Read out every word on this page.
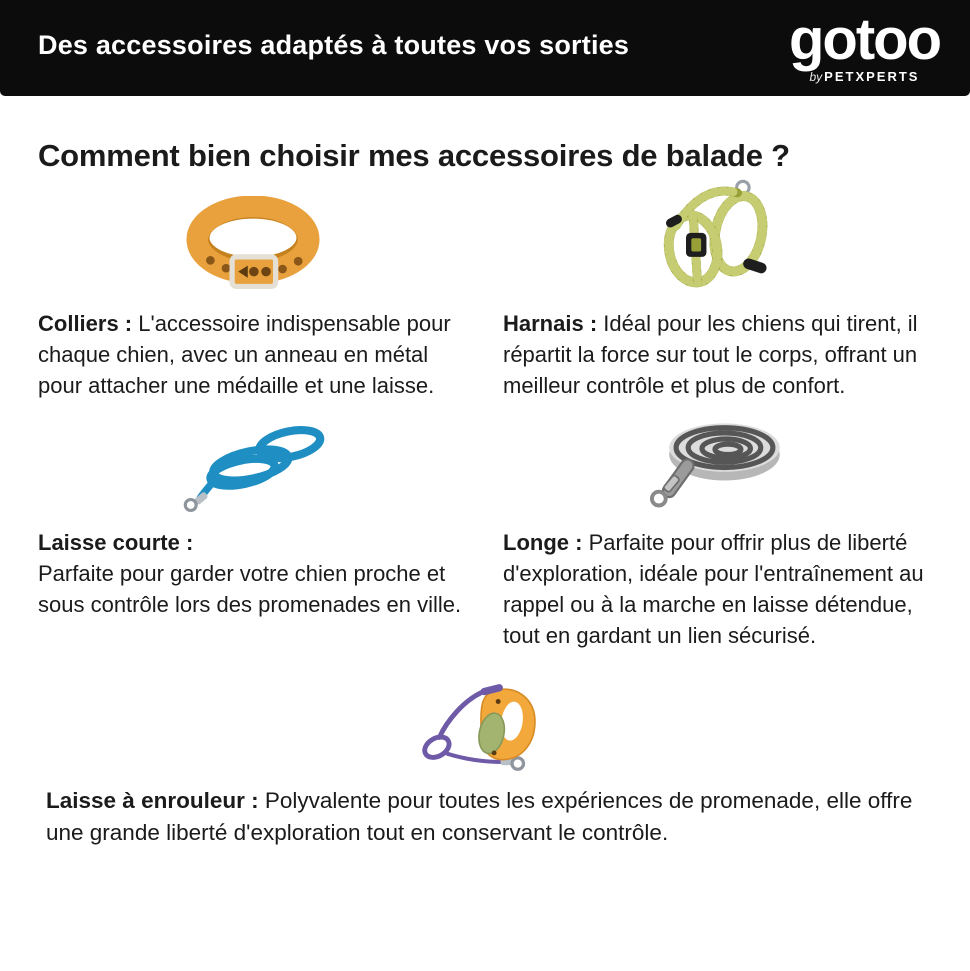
Des accessoires adaptés à toutes vos sorties	gotoo
by PETXPERTS
Comment bien choisir mes accessoires de balade ?

Colliers : L'accessoire indispensable pour chaque chien, avec un anneau en métal pour attacher une médaille et une laisse.

Harnais : Idéal pour les chiens qui tirent, il répartit la force sur tout le corps, offrant un meilleur contrôle et plus de confort.

Laisse courte :
Parfaite pour garder votre chien proche et sous contrôle lors des promenades en ville.

Longe : Parfaite pour offrir plus de liberté d'exploration, idéale pour l'entraînement au rappel ou à la marche en laisse détendue, tout en gardant un lien sécurisé.

Laisse à enrouleur : Polyvalente pour toutes les expériences de promenade, elle offre une grande liberté d'exploration tout en conservant le contrôle.
